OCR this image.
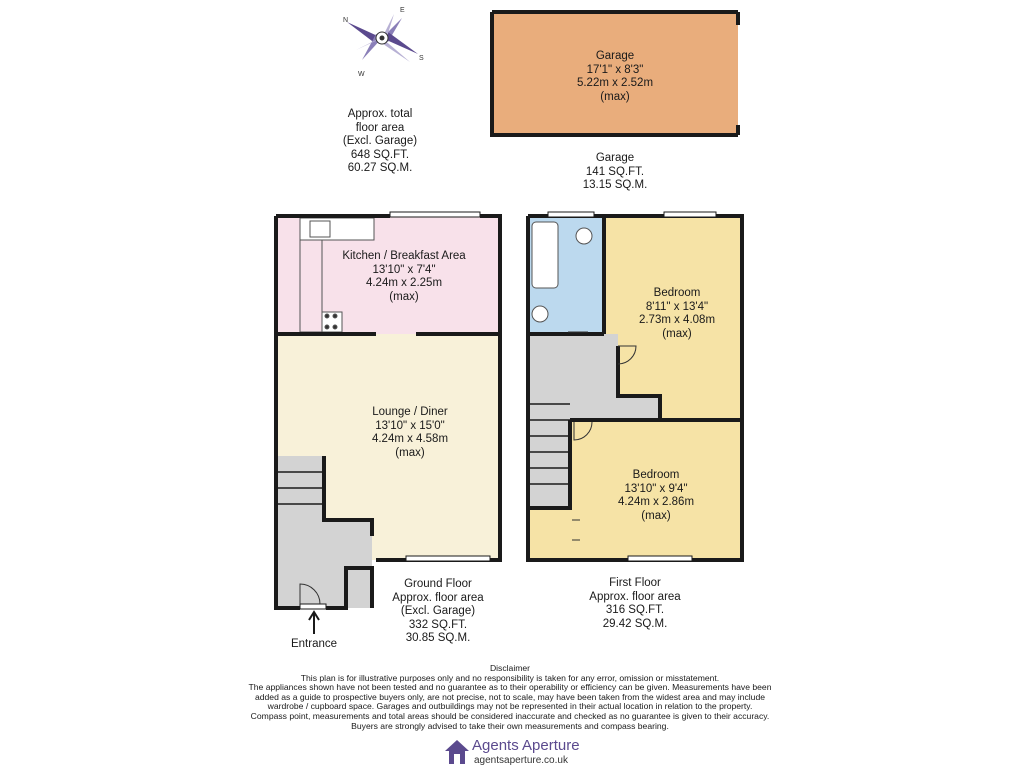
N
E
S
W
Approx. total
floor area
(Excl. Garage)
648 SQ.FT.
60.27 SQ.M.
Garage
17'1" x 8'3"
5.22m x 2.52m
(max)
Garage
141 SQ.FT.
13.15 SQ.M.
Kitchen / Breakfast Area
13'10" x 7'4"
4.24m x 2.25m
(max)
Lounge / Diner
13'10" x 15'0"
4.24m x 4.58m
(max)
Entrance
Ground Floor
Approx. floor area
(Excl. Garage)
332 SQ.FT.
30.85 SQ.M.
Bedroom
8'11" x 13'4"
2.73m x 4.08m
(max)
Bedroom
13'10" x 9'4"
4.24m x 2.86m
(max)
First Floor
Approx. floor area
316 SQ.FT.
29.42 SQ.M.
Disclaimer
This plan is for illustrative purposes only and no responsibility is taken for any error, omission or misstatement.
The appliances shown have not been tested and no guarantee as to their operability or efficiency can be given. Measurements have been
added as a guide to prospective buyers only, are not precise, not to scale, may have been taken from the widest area and may include
wardrobe / cupboard space. Garages and outbuildings may not be represented in their actual location in relation to the property.
Compass point, measurements and total areas should be considered inaccurate and checked as no guarantee is given to their accuracy.
Buyers are strongly advised to take their own measurements and compass bearing.
Agents Aperture
agentsaperture.co.uk
